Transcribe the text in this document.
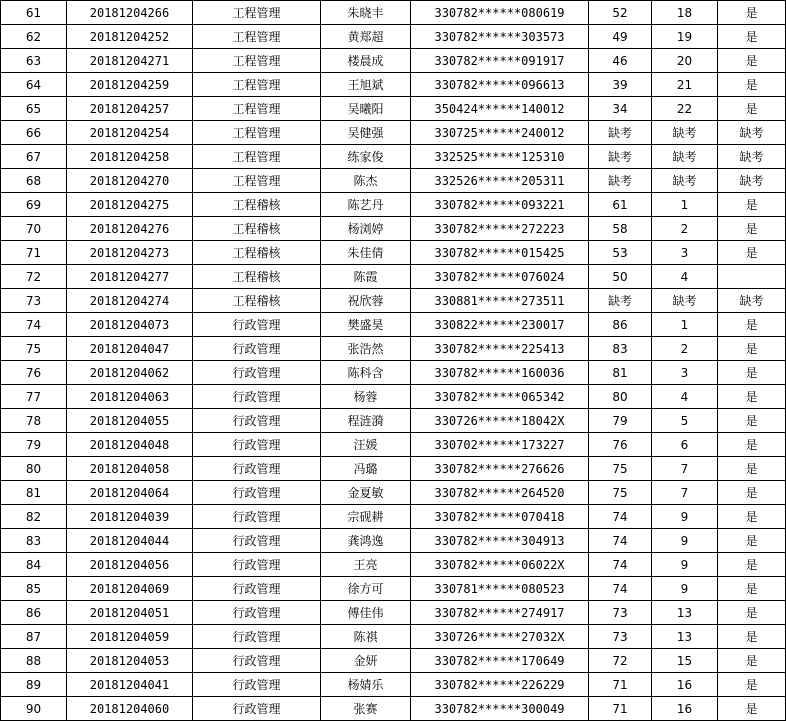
61	20181204266	工程管理	朱晓丰	330782******080619	52	18	是
62	20181204252	工程管理	黄郑超	330782******303573	49	19	是
63	20181204271	工程管理	楼晨成	330782******091917	46	20	是
64	20181204259	工程管理	王旭斌	330782******096613	39	21	是
65	20181204257	工程管理	吴曦阳	350424******140012	34	22	是
66	20181204254	工程管理	吴健强	330725******240012	缺考	缺考	缺考
67	20181204258	工程管理	练家俊	332525******125310	缺考	缺考	缺考
68	20181204270	工程管理	陈杰	332526******205311	缺考	缺考	缺考
69	20181204275	工程稽核	陈艺丹	330782******093221	61	1	是
70	20181204276	工程稽核	杨浏婷	330782******272223	58	2	是
71	20181204273	工程稽核	朱佳倩	330782******015425	53	3	是
72	20181204277	工程稽核	陈霞	330782******076024	50	4	
73	20181204274	工程稽核	祝欣蓉	330881******273511	缺考	缺考	缺考
74	20181204073	行政管理	樊盛昊	330822******230017	86	1	是
75	20181204047	行政管理	张浩然	330782******225413	83	2	是
76	20181204062	行政管理	陈科含	330782******160036	81	3	是
77	20181204063	行政管理	杨蓉	330782******065342	80	4	是
78	20181204055	行政管理	程涟漪	330726******18042X	79	5	是
79	20181204048	行政管理	汪媛	330702******173227	76	6	是
80	20181204058	行政管理	冯璐	330782******276626	75	7	是
81	20181204064	行政管理	金夏敏	330782******264520	75	7	是
82	20181204039	行政管理	宗砚耕	330782******070418	74	9	是
83	20181204044	行政管理	龚鸿逸	330782******304913	74	9	是
84	20181204056	行政管理	王亮	330782******06022X	74	9	是
85	20181204069	行政管理	徐方可	330781******080523	74	9	是
86	20181204051	行政管理	傅佳伟	330782******274917	73	13	是
87	20181204059	行政管理	陈祺	330726******27032X	73	13	是
88	20181204053	行政管理	金妍	330782******170649	72	15	是
89	20181204041	行政管理	杨婧乐	330782******226229	71	16	是
90	20181204060	行政管理	张赛	330782******300049	71	16	是
